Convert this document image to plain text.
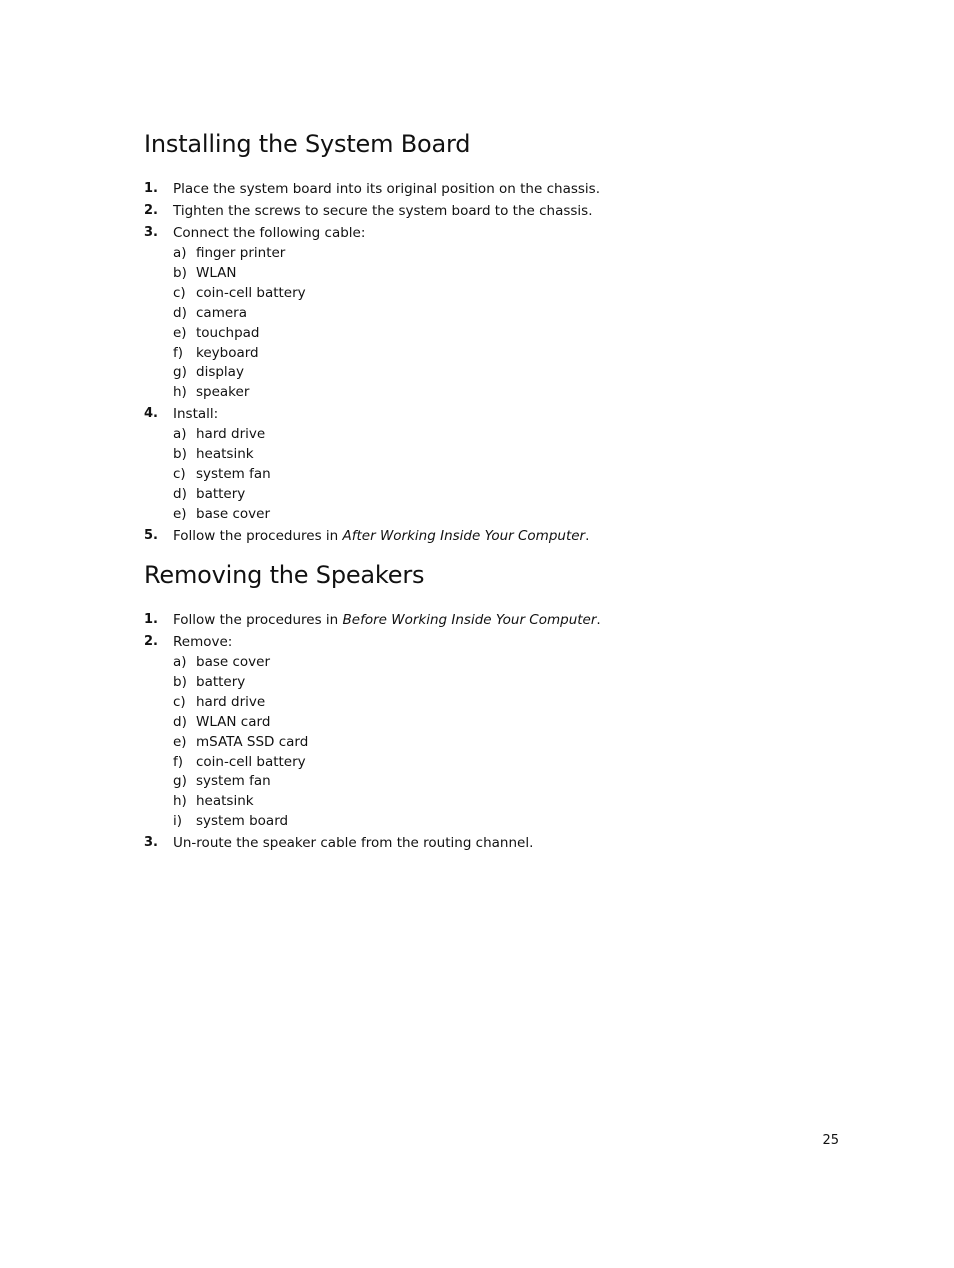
Installing the System Board
1. Place the system board into its original position on the chassis.
2. Tighten the screws to secure the system board to the chassis.
3. Connect the following cable:
a) finger printer
b) WLAN
c) coin-cell battery
d) camera
e) touchpad
f) keyboard
g) display
h) speaker
4. Install:
a) hard drive
b) heatsink
c) system fan
d) battery
e) base cover
5. Follow the procedures in After Working Inside Your Computer.
Removing the Speakers
1. Follow the procedures in Before Working Inside Your Computer.
2. Remove:
a) base cover
b) battery
c) hard drive
d) WLAN card
e) mSATA SSD card
f) coin-cell battery
g) system fan
h) heatsink
i) system board
3. Un-route the speaker cable from the routing channel.
25
